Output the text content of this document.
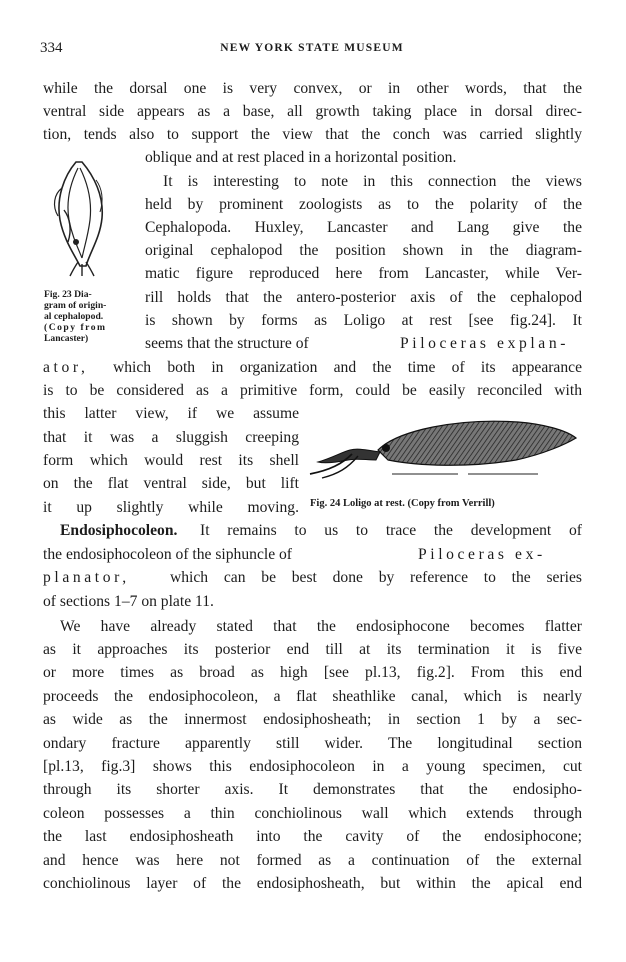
334	NEW YORK STATE MUSEUM
while the dorsal one is very convex, or in other words, that the
ventral side appears as a base, all growth taking place in dorsal direc-
tion, tends also to support the view that the conch was carried slightly
oblique and at rest placed in a horizontal position.
It is interesting to note in this connection the views
held by prominent zoologists as to the polarity of the
Cephalopoda. Huxley, Lancaster and Lang give the
original cephalopod the position shown in the diagram-
matic figure reproduced here from Lancaster, while Ver-
rill holds that the antero-posterior axis of the cephalopod
is shown by forms as Loligo at rest [see fig.24]. It
seems that the structure of	Piloceras explan-
ator, which both in organization and the time of its appearance
is to be considered as a primitive form, could be easily reconciled with
this latter view, if we assume
that it was a sluggish creeping
form which would rest its shell
on the flat ventral side, but lift
it up slightly while moving.
Endosiphocoleon. It remains to us to trace the development of
the endosiphocoleon of the siphuncle of	Piloceras ex-
planator,	which can be best done by reference to the series
of sections 1–7 on plate 11.
We have already stated that the endosiphocone becomes flatter
as it approaches its posterior end till at its termination it is five
or more times as broad as high [see pl.13, fig.2]. From this end
proceeds the endosiphocoleon, a flat sheathlike canal, which is nearly
as wide as the innermost endosiphosheath; in section 1 by a sec-
ondary fracture apparently still wider. The longitudinal section
[pl.13, fig.3] shows this endosiphocoleon in a young specimen, cut
through its shorter axis. It demonstrates that the endosipho-
coleon possesses a thin conchiolinous wall which extends through
the last endosiphosheath into the cavity of the endosiphocone;
and hence was here not formed as a continuation of the external
conchiolinous layer of the endosiphosheath, but within the apical end
Fig. 23 Dia-
gram of origin-
al cephalopod.
(Copy from
Lancaster)
Fig. 24 Loligo at rest. (Copy from Verrill)
